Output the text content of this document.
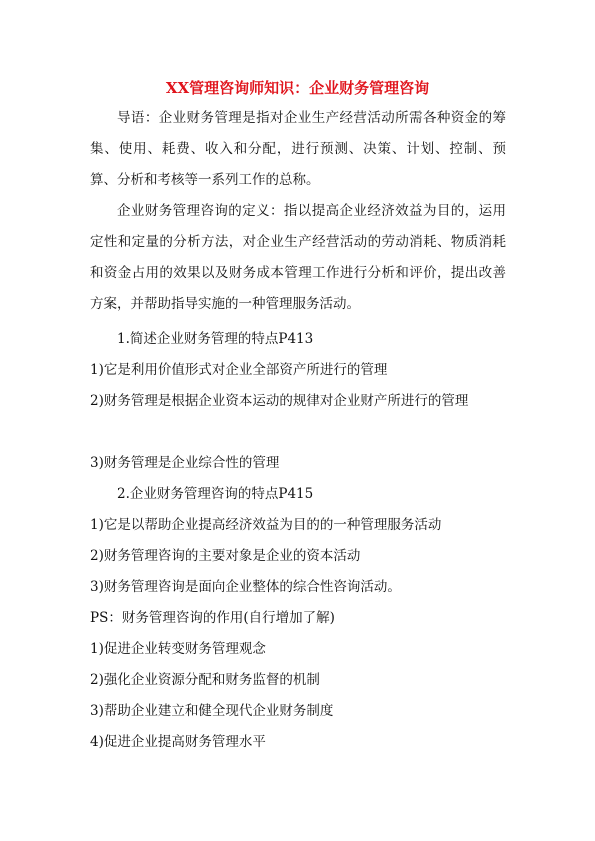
XX管理咨询师知识：企业财务管理咨询

导语：企业财务管理是指对企业生产经营活动所需各种资金的筹集、使用、耗费、收入和分配，进行预测、决策、计划、控制、预算、分析和考核等一系列工作的总称。

企业财务管理咨询的定义：指以提高企业经济效益为目的，运用定性和定量的分析方法，对企业生产经营活动的劳动消耗、物质消耗和资金占用的效果以及财务成本管理工作进行分析和评价，提出改善方案，并帮助指导实施的一种管理服务活动。

1.简述企业财务管理的特点P413

1)它是利用价值形式对企业全部资产所进行的管理

2)财务管理是根据企业资本运动的规律对企业财产所进行的管理

3)财务管理是企业综合性的管理

2.企业财务管理咨询的特点P415

1)它是以帮助企业提高经济效益为目的的一种管理服务活动

2)财务管理咨询的主要对象是企业的资本活动

3)财务管理咨询是面向企业整体的综合性咨询活动。

PS：财务管理咨询的作用(自行增加了解)

1)促进企业转变财务管理观念

2)强化企业资源分配和财务监督的机制

3)帮助企业建立和健全现代企业财务制度

4)促进企业提高财务管理水平
